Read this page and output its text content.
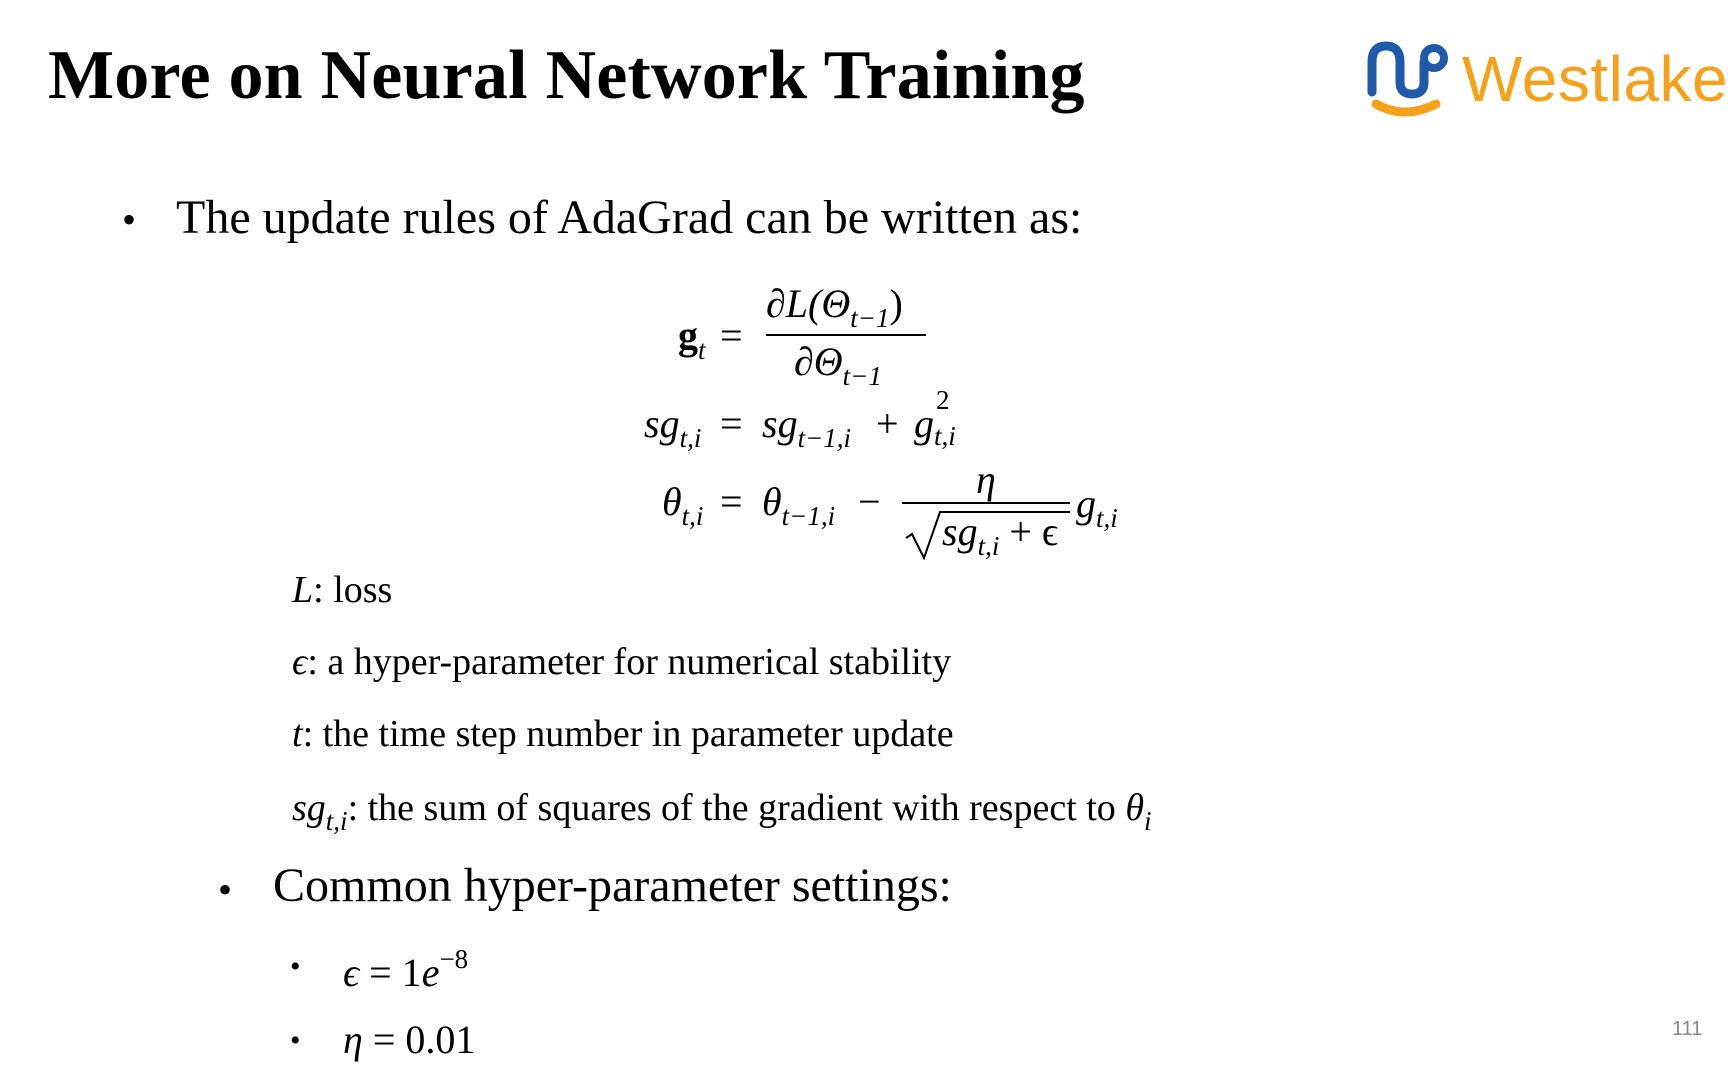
More on Neural Network Training	Westlake
• The update rules of AdaGrad can be written as:
$g_t$ =
$\partial L(\Theta_{t-1})$
$\partial\Theta_{t-1}$
$sg_{t,i} = sg_{t-1,i} + g$
2
t,i
$\theta_{t,i} = \theta_{t-1,i} - \eta$
$sg_{t,i} + \epsilon$
$g_{t,i}$
L: loss
ϵ: a hyper-parameter for numerical stability
t: the time step number in parameter update
$sg_{t,i}$: the sum of squares of the gradient with respect to $\theta_i$
• Common hyper-parameter settings:
• $\epsilon = 1e^{-8}$
• η = 0.01	111
